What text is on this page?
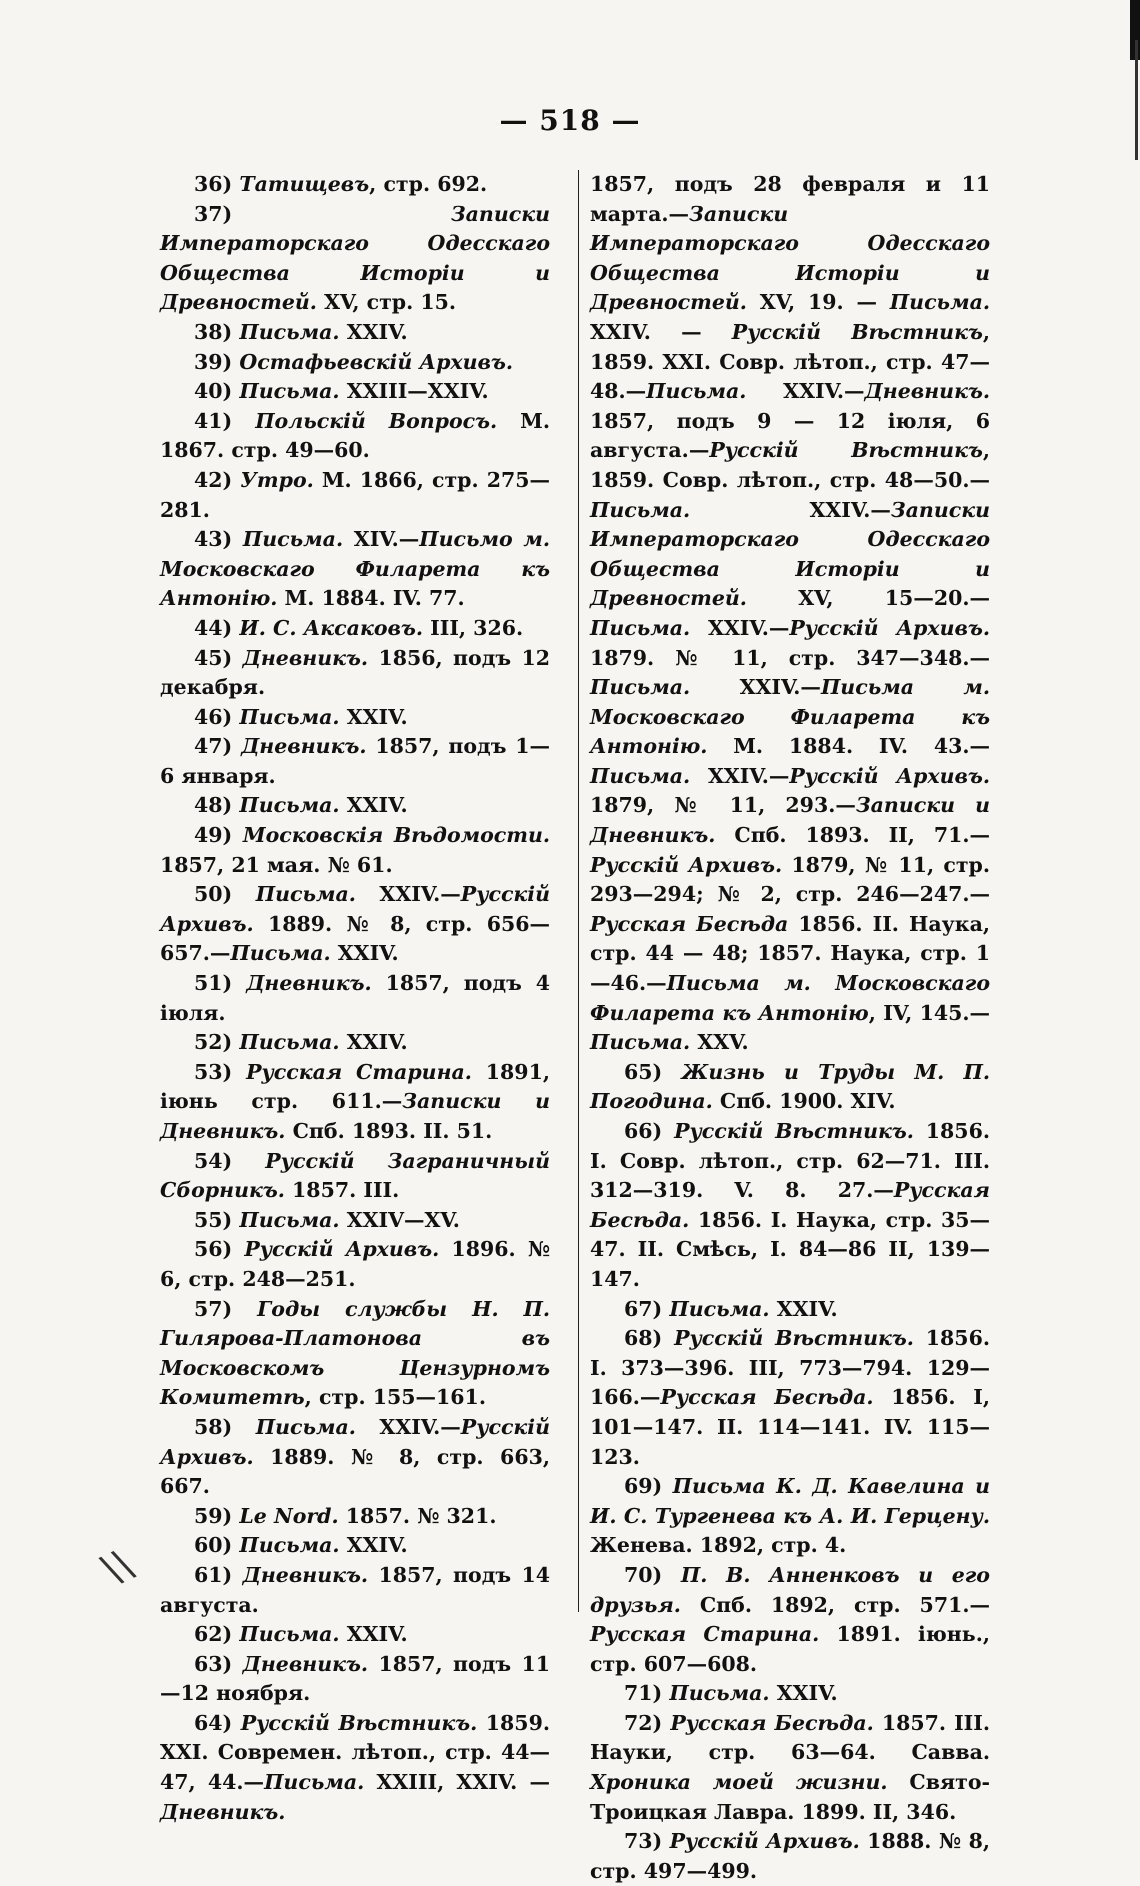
— 518 —

36) Татищевъ, стр. 692.

37) Записки Императорскаго Одесскаго Общества Исторіи и Древностей. XV, стр. 15.

38) Письма. XXIV.

39) Остафьевскій Архивъ.

40) Письма. XXIII—XXIV.

41) Польскій Вопросъ. М. 1867. стр. 49—60.

42) Утро. М. 1866, стр. 275—281.

43) Письма. XIV.—Письмо м. Московскаго Филарета къ Антонію. М. 1884. IV. 77.

44) И. С. Аксаковъ. III, 326.

45) Дневникъ. 1856, подъ 12 декабря.

46) Письма. XXIV.

47) Дневникъ. 1857, подъ 1—6 января.

48) Письма. XXIV.

49) Московскія Вѣдомости. 1857, 21 мая. № 61.

50) Письма. XXIV.—Русскій Архивъ. 1889. № 8, стр. 656—657.—Письма. XXIV.

51) Дневникъ. 1857, подъ 4 іюля.

52) Письма. XXIV.

53) Русская Старина. 1891, іюнь стр. 611.—Записки и Дневникъ. Спб. 1893. II. 51.

54) Русскій Заграничный Сборникъ. 1857. III.

55) Письма. XXIV—XV.

56) Русскій Архивъ. 1896. № 6, стр. 248—251.

57) Годы службы Н. П. Гилярова-Платонова въ Московскомъ Цензурномъ Комитетѣ, стр. 155—161.

58) Письма. XXIV.—Русскій Архивъ. 1889. № 8, стр. 663, 667.

59) Le Nord. 1857. № 321.

60) Письма. XXIV.

61) Дневникъ. 1857, подъ 14 августа.

62) Письма. XXIV.

63) Дневникъ. 1857, подъ 11—12 ноября.

64) Русскій Вѣстникъ. 1859. XXI. Современ. лѣтоп., стр. 44—47, 44.—Письма. XXIII, XXIV. — Дневникъ.

1857, подъ 28 февраля и 11 марта.—Записки Императорскаго Одесскаго Общества Исторіи и Древностей. XV, 19. — Письма. XXIV. — Русскій Вѣстникъ, 1859. XXI. Совр. лѣтоп., стр. 47—48.—Письма. XXIV.—Дневникъ. 1857, подъ 9 — 12 іюля, 6 августа.—Русскій Вѣстникъ, 1859. Совр. лѣтоп., стр. 48—50.—Письма. XXIV.—Записки Императорскаго Одесскаго Общества Исторіи и Древностей. XV, 15—20.—Письма. XXIV.—Русскій Архивъ. 1879. № 11, стр. 347—348.—Письма. XXIV.—Письма м. Московскаго Филарета къ Антонію. М. 1884. IV. 43.—Письма. XXIV.—Русскій Архивъ. 1879, № 11, 293.—Записки и Дневникъ. Спб. 1893. II, 71.—Русскій Архивъ. 1879, № 11, стр. 293—294; № 2, стр. 246—247.—Русская Бесѣда 1856. II. Наука, стр. 44 — 48; 1857. Наука, стр. 1—46.—Письма м. Московскаго Филарета къ Антонію, IV, 145.—Письма. XXV.

65) Жизнь и Труды М. П. Погодина. Спб. 1900. XIV.

66) Русскій Вѣстникъ. 1856. I. Совр. лѣтоп., стр. 62—71. III. 312—319. V. 8. 27.—Русская Бесѣда. 1856. I. Наука, стр. 35—47. II. Смѣсь, I. 84—86 II, 139—147.

67) Письма. XXIV.

68) Русскій Вѣстникъ. 1856. I. 373—396. III, 773—794. 129—166.—Русская Бесѣда. 1856. I, 101—147. II. 114—141. IV. 115—123.

69) Письма К. Д. Кавелина и И. С. Тургенева къ А. И. Герцену. Женева. 1892, стр. 4.

70) П. В. Анненковъ и его друзья. Спб. 1892, стр. 571.—Русская Старина. 1891. іюнь., стр. 607—608.

71) Письма. XXIV.

72) Русская Бесѣда. 1857. III. Науки, стр. 63—64. Савва. Хроника моей жизни. Свято-Троицкая Лавра. 1899. II, 346.

73) Русскій Архивъ. 1888. № 8, стр. 497—499.

\\
